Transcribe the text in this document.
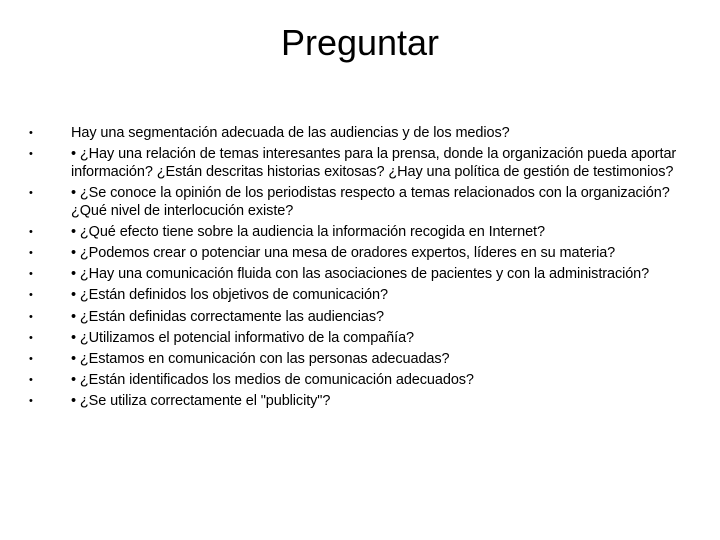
Preguntar
•	Hay una segmentación adecuada de las audiencias y de los medios?
•	• ¿Hay una relación de temas interesantes para la prensa, donde la organización pueda aportar información? ¿Están descritas historias exitosas? ¿Hay una política de gestión de testimonios?
•	• ¿Se conoce la opinión de los periodistas respecto a temas relacionados con la organización? ¿Qué nivel de interlocución existe?
•	• ¿Qué efecto tiene sobre la audiencia la información recogida en Internet?
•	• ¿Podemos crear o potenciar una mesa de oradores expertos, líderes en su materia?
•	• ¿Hay una comunicación fluida con las asociaciones de pacientes y con la administración?
•	• ¿Están definidos los objetivos de comunicación?
•	• ¿Están definidas correctamente las audiencias?
•	• ¿Utilizamos el potencial informativo de la compañía?
•	• ¿Estamos en comunicación con las personas adecuadas?
•	• ¿Están identificados los medios de comunicación adecuados?
•	• ¿Se utiliza correctamente el "publicity"?
